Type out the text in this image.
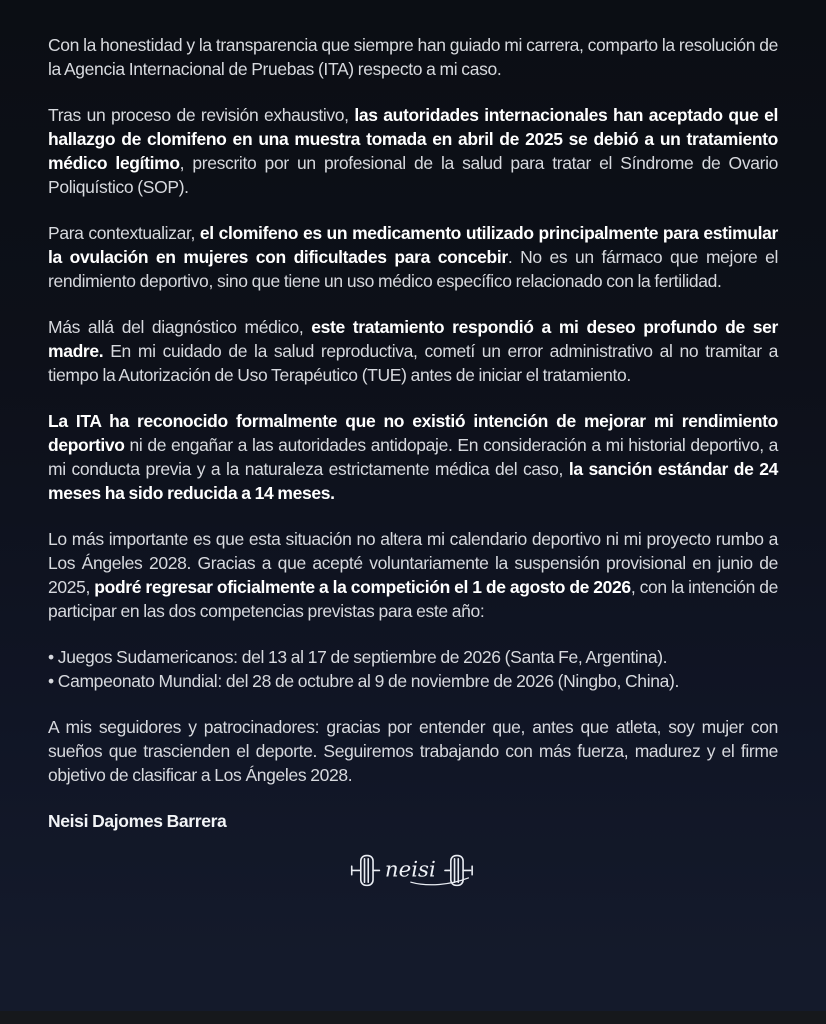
Con la honestidad y la transparencia que siempre han guiado mi carrera, comparto la resolución de la Agencia Internacional de Pruebas (ITA) respecto a mi caso.

Tras un proceso de revisión exhaustivo, las autoridades internacionales han aceptado que el hallazgo de clomifeno en una muestra tomada en abril de 2025 se debió a un tratamiento médico legítimo, prescrito por un profesional de la salud para tratar el Síndrome de Ovario Poliquístico (SOP).

Para contextualizar, el clomifeno es un medicamento utilizado principalmente para estimular la ovulación en mujeres con dificultades para concebir. No es un fármaco que mejore el rendimiento deportivo, sino que tiene un uso médico específico relacionado con la fertilidad.

Más allá del diagnóstico médico, este tratamiento respondió a mi deseo profundo de ser madre. En mi cuidado de la salud reproductiva, cometí un error administrativo al no tramitar a tiempo la Autorización de Uso Terapéutico (TUE) antes de iniciar el tratamiento.

La ITA ha reconocido formalmente que no existió intención de mejorar mi rendimiento deportivo ni de engañar a las autoridades antidopaje. En consideración a mi historial deportivo, a mi conducta previa y a la naturaleza estrictamente médica del caso, la sanción estándar de 24 meses ha sido reducida a 14 meses.

Lo más importante es que esta situación no altera mi calendario deportivo ni mi proyecto rumbo a Los Ángeles 2028. Gracias a que acepté voluntariamente la suspensión provisional en junio de 2025, podré regresar oficialmente a la competición el 1 de agosto de 2026, con la intención de participar en las dos competencias previstas para este año:

• Juegos Sudamericanos: del 13 al 17 de septiembre de 2026 (Santa Fe, Argentina).
• Campeonato Mundial: del 28 de octubre al 9 de noviembre de 2026 (Ningbo, China).

A mis seguidores y patrocinadores: gracias por entender que, antes que atleta, soy mujer con sueños que trascienden el deporte. Seguiremos trabajando con más fuerza, madurez y el firme objetivo de clasificar a Los Ángeles 2028.

Neisi Dajomes Barrera

neisi
